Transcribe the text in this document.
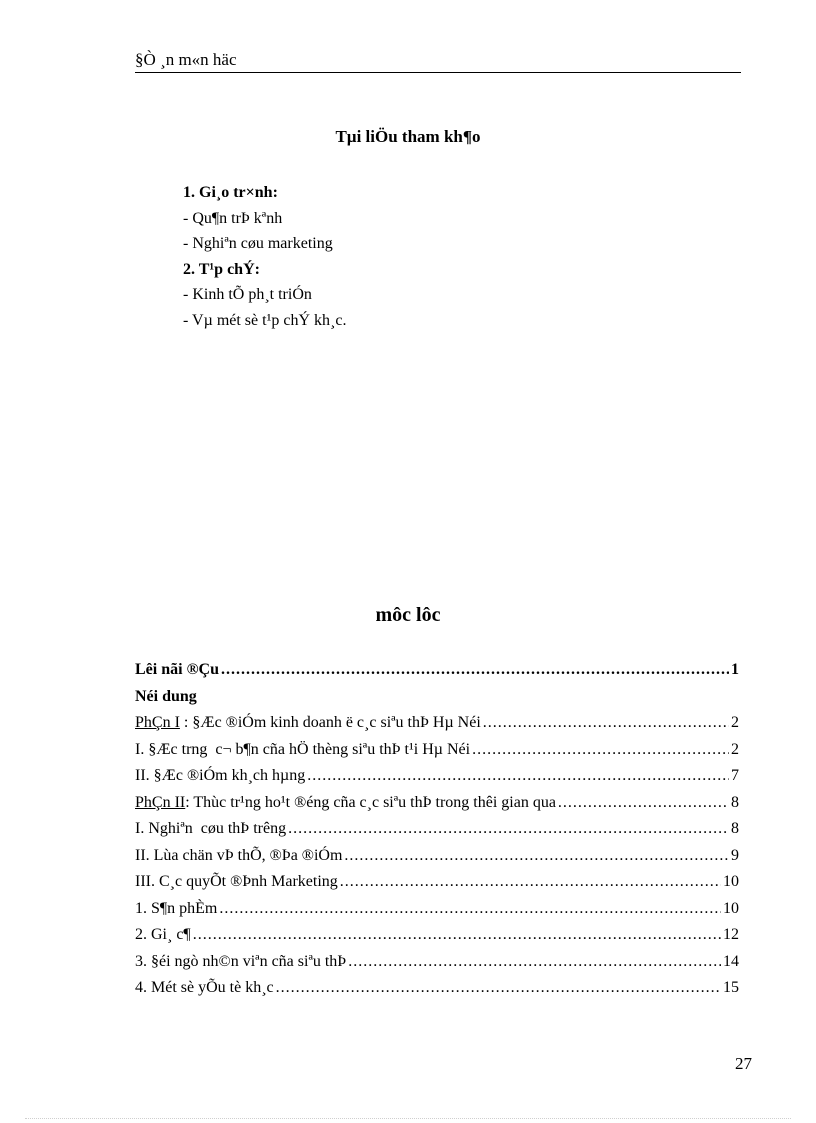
§Ò ¸n m«n häc
Tµi liÖu tham kh¶o
1. Gi¸o tr×nh:
- Qu¶n trÞ kªnh
- Nghiªn cøu marketing
2. T¹p chÝ:
- Kinh tÕ ph¸t triÓn
- Vµ mét sè t¹p chÝ kh¸c.
môc lôc
Lêi nãi ®Çu .....	1
Néi dung
PhÇn I : §Æc ®iÓm kinh doanh ë c¸c siªu thÞ Hµ Néi .....	2
I. §Æc trng  c¬ b¶n cña hÖ thèng siªu thÞ t¹i Hµ Néi .....	2
II. §Æc ®iÓm kh¸ch hµng .....	7
PhÇn II : Thùc tr¹ng ho¹t ®éng cña c¸c siªu thÞ trong thêi gian qua .....	8
I. Nghiªn  cøu thÞ trêng .....	8
II. Lùa chän vÞ thÕ, ®Þa ®iÓm .....	9
III. C¸c quyÕt ®Þnh Marketing .....	10
1. S¶n phÈm .....	10
2. Gi¸ c¶ .....	12
3. §éi ngò nh©n viªn cña siªu thÞ .....	14
4. Mét sè yÕu tè kh¸c .....	15
27
